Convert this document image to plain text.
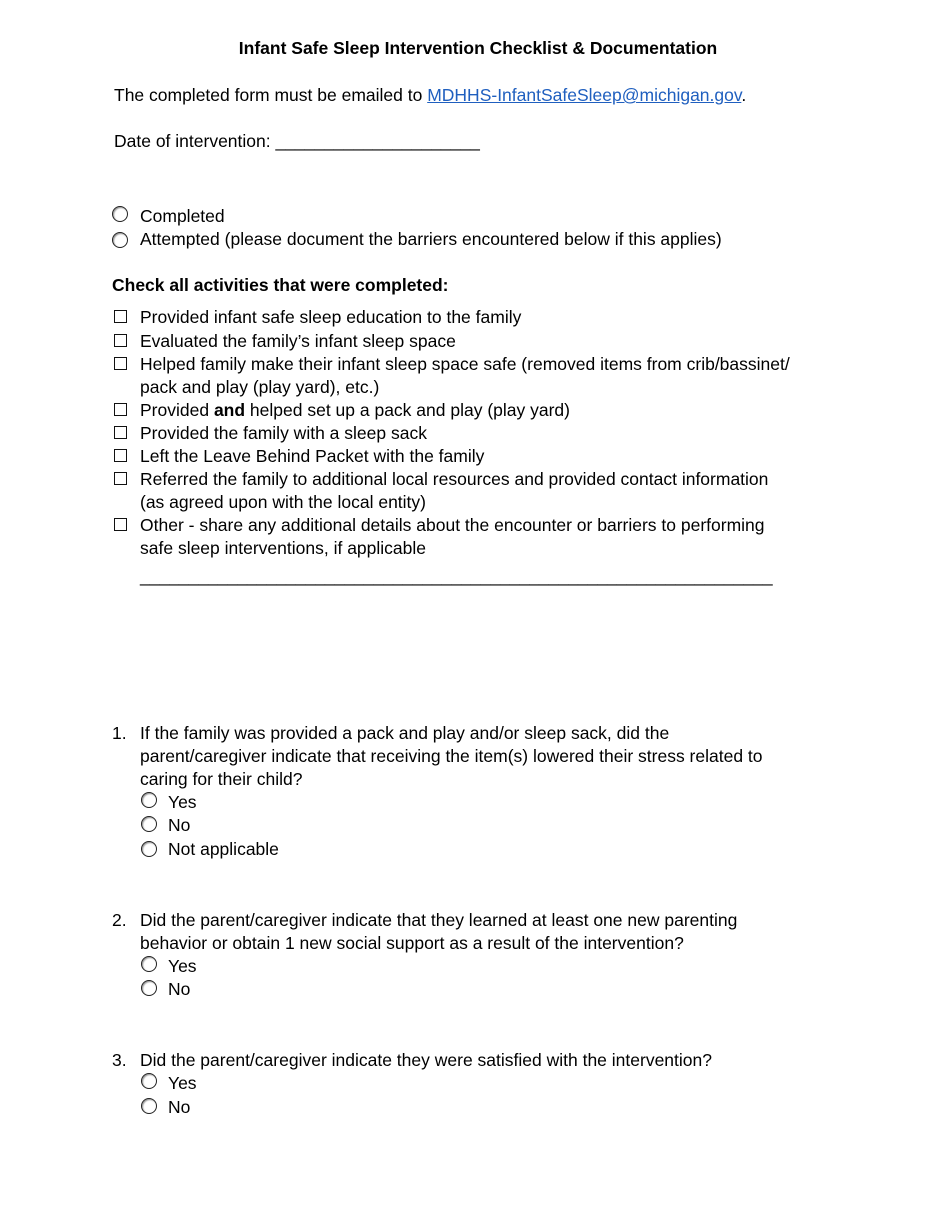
Infant Safe Sleep Intervention Checklist & Documentation
The completed form must be emailed to MDHHS-InfantSafeSleep@michigan.gov.
Date of intervention: _____________________
Completed
Attempted (please document the barriers encountered below if this applies)
Check all activities that were completed:
Provided infant safe sleep education to the family
Evaluated the family’s infant sleep space
Helped family make their infant sleep space safe (removed items from crib/bassinet/
pack and play (play yard), etc.)
Provided and helped set up a pack and play (play yard)
Provided the family with a sleep sack
Left the Leave Behind Packet with the family
Referred the family to additional local resources and provided contact information
(as agreed upon with the local entity)
Other - share any additional details about the encounter or barriers to performing
safe sleep interventions, if applicable
_________________________________________________________________
1. If the family was provided a pack and play and/or sleep sack, did the
parent/caregiver indicate that receiving the item(s) lowered their stress related to
caring for their child?
Yes
No
Not applicable
2. Did the parent/caregiver indicate that they learned at least one new parenting
behavior or obtain 1 new social support as a result of the intervention?
Yes
No
3. Did the parent/caregiver indicate they were satisfied with the intervention?
Yes
No
